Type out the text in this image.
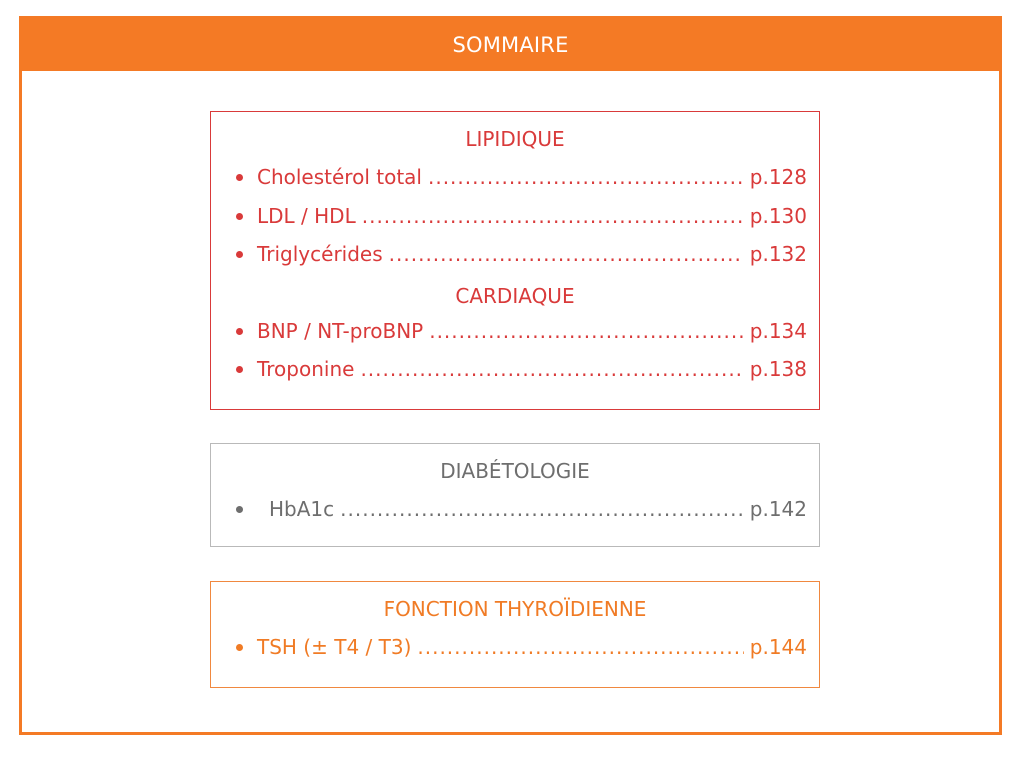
SOMMAIRE
LIPIDIQUE
Cholestérol total .....	p.128
LDL / HDL .....	p.130
Triglycérides .....	p.132
CARDIAQUE
BNP / NT-proBNP .....	p.134
Troponine .....	p.138
DIABÉTOLOGIE
HbA1c .....	p.142
FONCTION THYROÏDIENNE
TSH (± T4 / T3) .....	p.144
